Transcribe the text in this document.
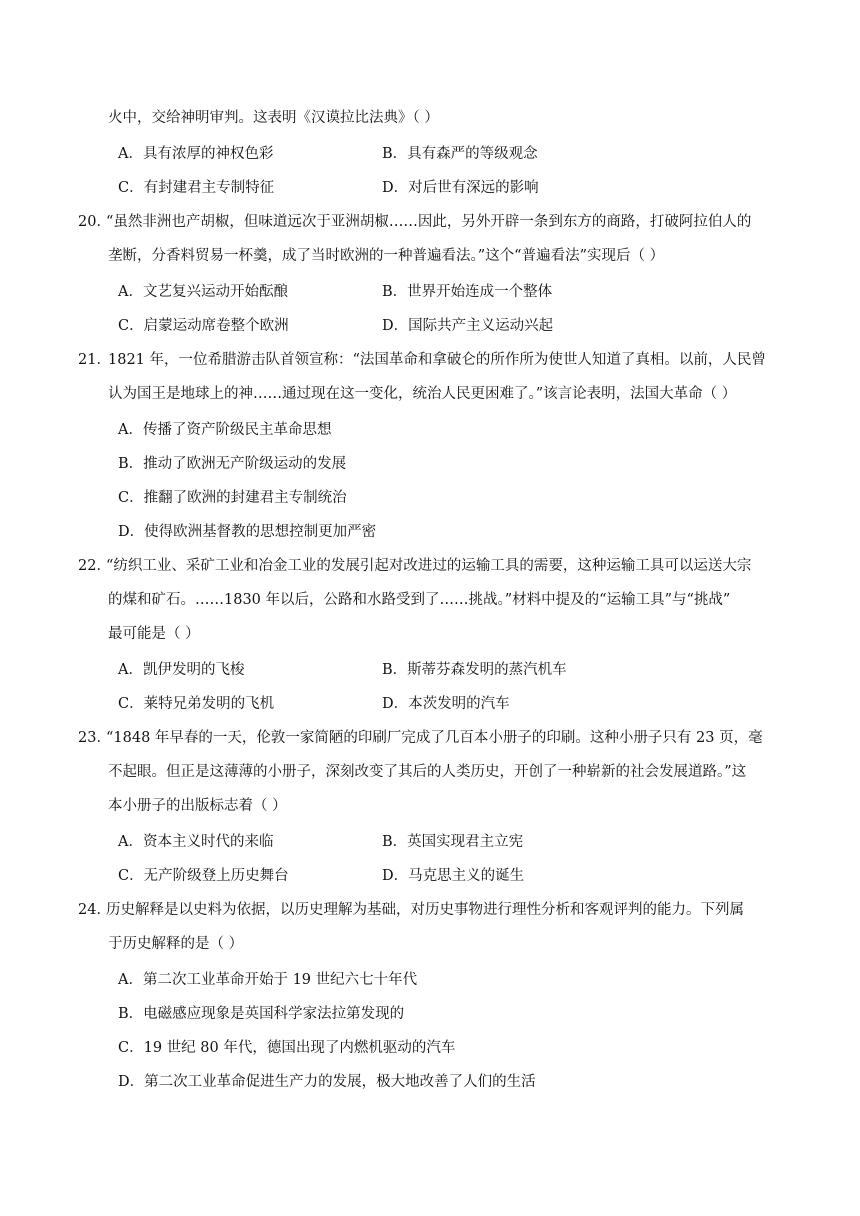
火中，交给神明审判。这表明《汉谟拉比法典》（ ）
A．具有浓厚的神权色彩	B．具有森严的等级观念
C．有封建君主专制特征	D．对后世有深远的影响
20．
“虽然非洲也产胡椒，但味道远次于亚洲胡椒……因此，另外开辟一条到东方的商路，打破阿拉伯人的
垄断，分香料贸易一杯羹，成了当时欧洲的一种普遍看法。”这个“普遍看法”实现后（ ）
A．文艺复兴运动开始酝酿	B．世界开始连成一个整体
C．启蒙运动席卷整个欧洲	D．国际共产主义运动兴起
21．
1821 年，一位希腊游击队首领宣称：“法国革命和拿破仑的所作所为使世人知道了真相。以前，人民曾
认为国王是地球上的神……通过现在这一变化，统治人民更困难了。”该言论表明，法国大革命（ ）
A．传播了资产阶级民主革命思想
B．推动了欧洲无产阶级运动的发展
C．推翻了欧洲的封建君主专制统治
D．使得欧洲基督教的思想控制更加严密
22．
“纺织工业、采矿工业和冶金工业的发展引起对改进过的运输工具的需要，这种运输工具可以运送大宗
的煤和矿石。……1830 年以后，公路和水路受到了……挑战。”材料中提及的“运输工具”与“挑战”
最可能是（ ）
A．凯伊发明的飞梭	B．斯蒂芬森发明的蒸汽机车
C．莱特兄弟发明的飞机	D．本茨发明的汽车
23．
“1848 年早春的一天，伦敦一家简陋的印刷厂完成了几百本小册子的印刷。这种小册子只有 23 页，毫
不起眼。但正是这薄薄的小册子，深刻改变了其后的人类历史，开创了一种崭新的社会发展道路。”这
本小册子的出版标志着（ ）
A．资本主义时代的来临	B．英国实现君主立宪
C．无产阶级登上历史舞台	D．马克思主义的诞生
24．
历史解释是以史料为依据，以历史理解为基础，对历史事物进行理性分析和客观评判的能力。下列属
于历史解释的是（ ）
A．第二次工业革命开始于 19 世纪六七十年代
B．电磁感应现象是英国科学家法拉第发现的
C．19 世纪 80 年代，德国出现了内燃机驱动的汽车
D．第二次工业革命促进生产力的发展，极大地改善了人们的生活
